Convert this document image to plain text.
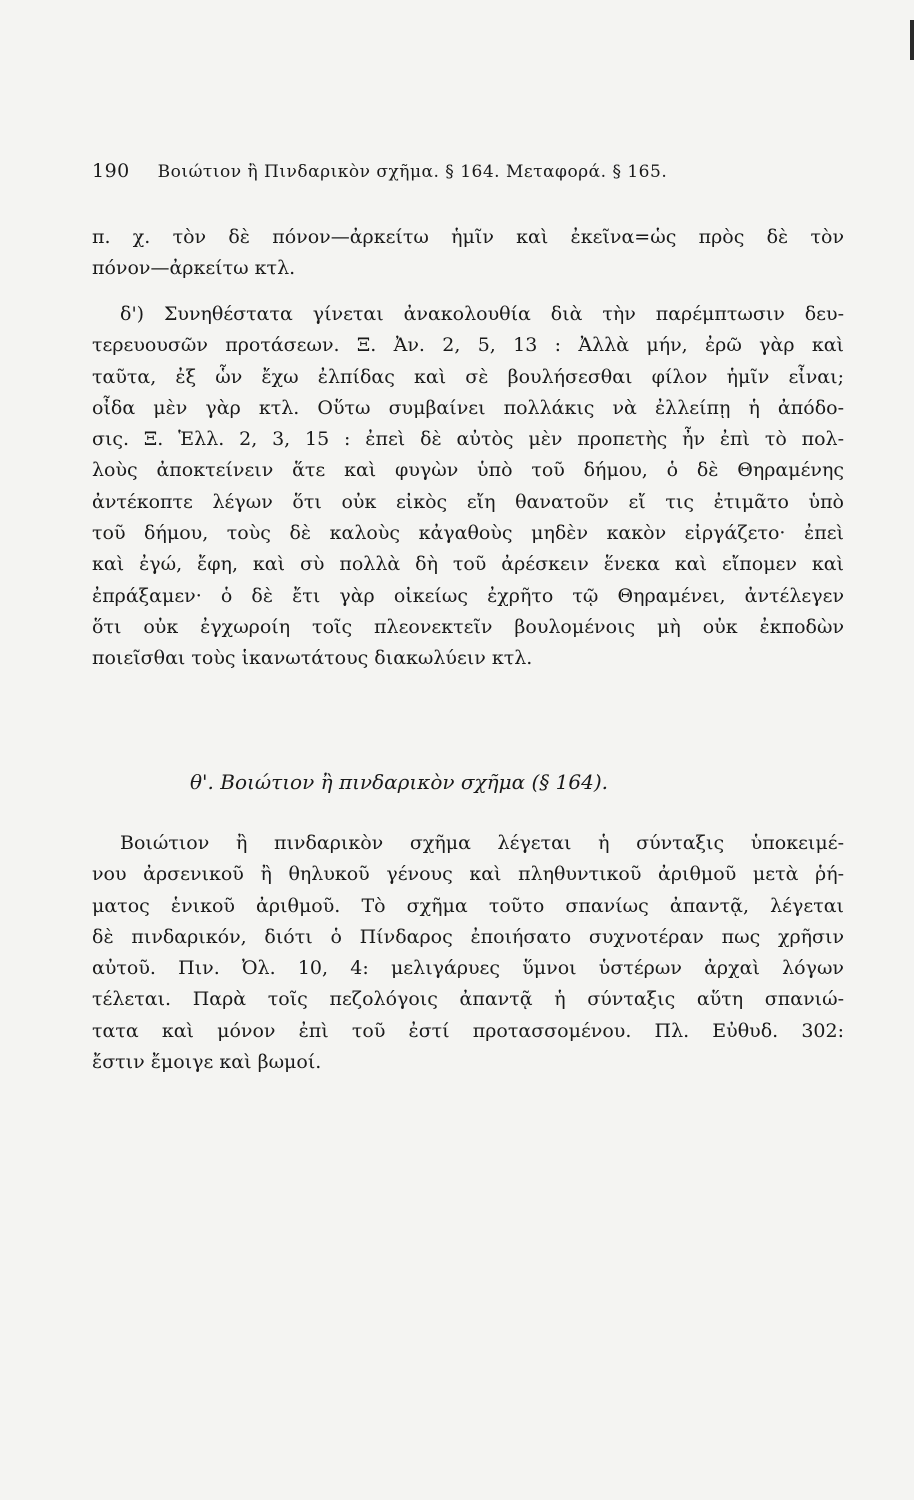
190 Βοιώτιον ἢ Πινδαρικὸν σχῆμα. § 164. Μεταφορά. § 165.
π. χ. τὸν δὲ πόνον—ἀρκείτω ἡμῖν καὶ ἐκεῖνα=ὡς πρὸς δὲ τὸν
πόνον—ἀρκείτω κτλ.
δ') Συνηθέστατα γίνεται ἀνακολουθία διὰ τὴν παρέμπτωσιν δευ-
τερευουσῶν προτάσεων. Ξ. Ἀν. 2, 5, 13 : Ἀλλὰ μήν, ἐρῶ γὰρ καὶ
ταῦτα, ἐξ ὧν ἔχω ἐλπίδας καὶ σὲ βουλήσεσθαι φίλον ἡμῖν εἶναι;
οἶδα μὲν γὰρ κτλ. Οὕτω συμβαίνει πολλάκις νὰ ἐλλείπῃ ἡ ἀπόδο-
σις. Ξ. Ἑλλ. 2, 3, 15 : ἐπεὶ δὲ αὐτὸς μὲν προπετὴς ἦν ἐπὶ τὸ πολ-
λοὺς ἀποκτείνειν ἅτε καὶ φυγὼν ὑπὸ τοῦ δήμου, ὁ δὲ Θηραμένης
ἀντέκοπτε λέγων ὅτι οὐκ εἰκὸς εἴη θανατοῦν εἴ τις ἐτιμᾶτο ὑπὸ
τοῦ δήμου, τοὺς δὲ καλοὺς κἀγαθοὺς μηδὲν κακὸν εἰργάζετο· ἐπεὶ
καὶ ἐγώ, ἔφη, καὶ σὺ πολλὰ δὴ τοῦ ἀρέσκειν ἕνεκα καὶ εἴπομεν καὶ
ἐπράξαμεν· ὁ δὲ ἔτι γὰρ οἰκείως ἐχρῆτο τῷ Θηραμένει, ἀντέλεγεν
ὅτι οὐκ ἐγχωροίη τοῖς πλεονεκτεῖν βουλομένοις μὴ οὐκ ἐκποδὼν
ποιεῖσθαι τοὺς ἱκανωτάτους διακωλύειν κτλ.
θ'. Βοιώτιον ἢ πινδαρικὸν σχῆμα (§ 164).
Βοιώτιον ἢ πινδαρικὸν σχῆμα λέγεται ἡ σύνταξις ὑποκειμέ-
νου ἀρσενικοῦ ἢ θηλυκοῦ γένους καὶ πληθυντικοῦ ἀριθμοῦ μετὰ ῥή-
ματος ἑνικοῦ ἀριθμοῦ. Τὸ σχῆμα τοῦτο σπανίως ἀπαντᾷ, λέγεται
δὲ πινδαρικόν, διότι ὁ Πίνδαρος ἐποιήσατο συχνοτέραν πως χρῆσιν
αὐτοῦ. Πιν. Ὀλ. 10, 4: μελιγάρυες ὕμνοι ὑστέρων ἀρχαὶ λόγων
τέλεται. Παρὰ τοῖς πεζολόγοις ἀπαντᾷ ἡ σύνταξις αὕτη σπανιώ-
τατα καὶ μόνον ἐπὶ τοῦ ἐστί προτασσομένου. Πλ. Εὐθυδ. 302:
ἔστιν ἔμοιγε καὶ βωμοί.
